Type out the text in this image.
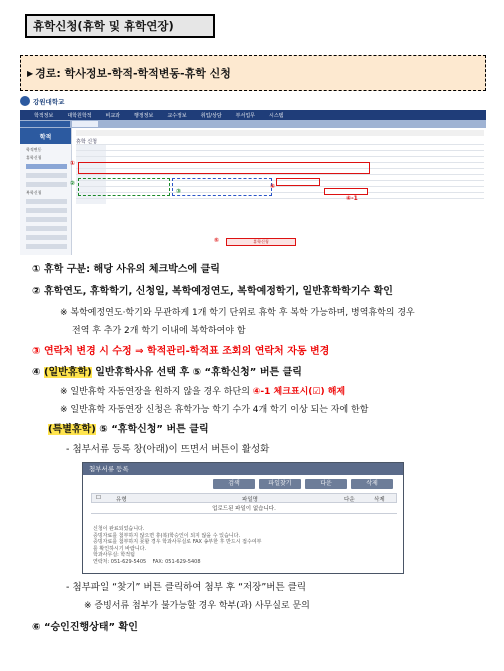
휴학신청(휴학 및 휴학연장)
▶ 경로: 학사정보-학적-학적변동-휴학 신청
강원대학교
학적정보	대학원학적	비교과	행정정보	교수정보	취업/상담	부서업무	시스템
학적
학적변동
휴학신청
복학신청
휴학 신청
①
②
③
④
④-1
휴학신청
⑤
① 휴학 구분: 해당 사유의 체크박스에 클릭
② 휴학연도, 휴학학기, 신청일, 복학예정연도, 복학예정학기, 일반휴학학기수 확인
※ 복학예정연도·학기와 무관하게 1개 학기 단위로 휴학 후 복학 가능하며, 병역휴학의 경우
전역 후 추가 2개 학기 이내에 복학하여야 함
③ 연락처 변경 시 수정 ⇒ 학적관리-학적표 조회의 연락처 자동 변경
④ (일반휴학) 일반휴학사유 선택 후 ⑤ “휴학신청” 버튼 클릭
※ 일반휴학 자동연장을 원하지 않을 경우 하단의 ④-1 체크표시(☑) 해제
※ 일반휴학 자동연장 신청은 휴학가능 학기 수가 4개 학기 이상 되는 자에 한함
(특별휴학) ⑤ “휴학신청” 버튼 클릭
- 첨부서류 등록 창(아래)이 뜨면서 버튼이 활성화
- 첨부파일 “찾기” 버튼 클릭하여 첨부 후 “저장”버튼 클릭
※ 증빙서류 첨부가 불가능할 경우 학부(과) 사무실로 문의
⑥ “승인진행상태” 확인
첨부서류 등록
검색	파일찾기	다운	삭제
☐	유형	파일명	다운	삭제
업로드된 파일이 없습니다.
신청이 완료되었습니다.
증빙자료를 첨부하지 않으면 휴(복)학승인이 되지 않을 수 있습니다.
증빙자료를 첨부하지 못할 경우 학과사무실로 FAX 송부한 후 반드시 접수여부
를 확인하시기 바랍니다.
학과사무실: 학적팀
연락처: 051-629-5405    FAX: 051-629-5408
